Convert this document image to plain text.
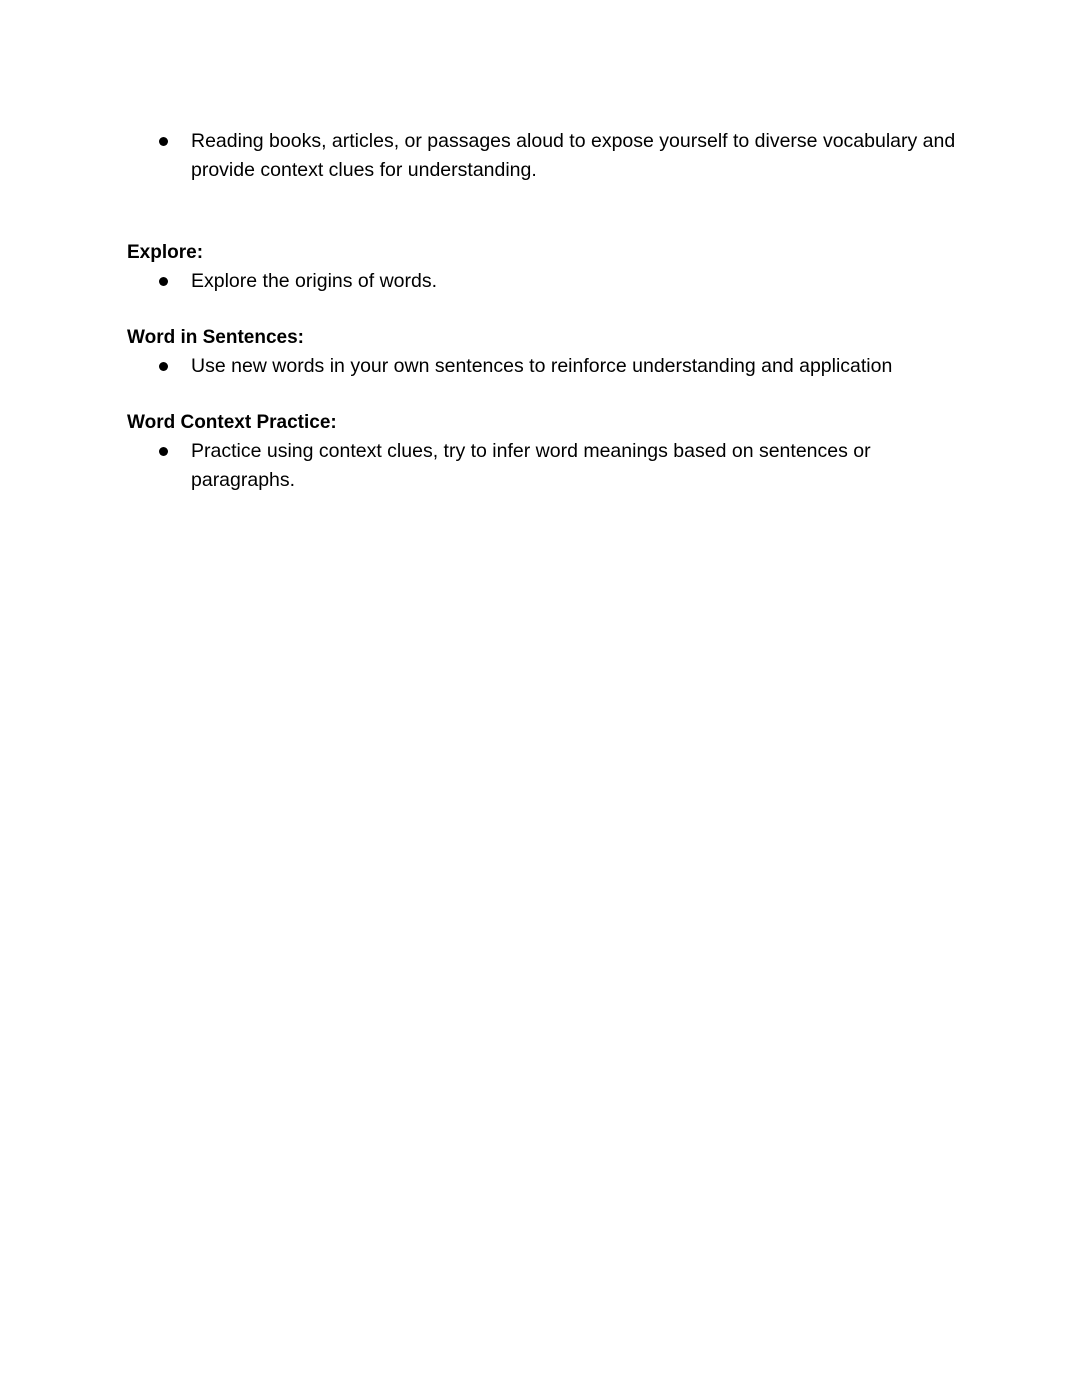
Reading books, articles, or passages aloud to expose yourself to diverse vocabulary and provide context clues for understanding.

Explore:

Explore the origins of words.

Word in Sentences:

Use new words in your own sentences to reinforce understanding and application

Word Context Practice:

Practice using context clues, try to infer word meanings based on sentences or paragraphs.
